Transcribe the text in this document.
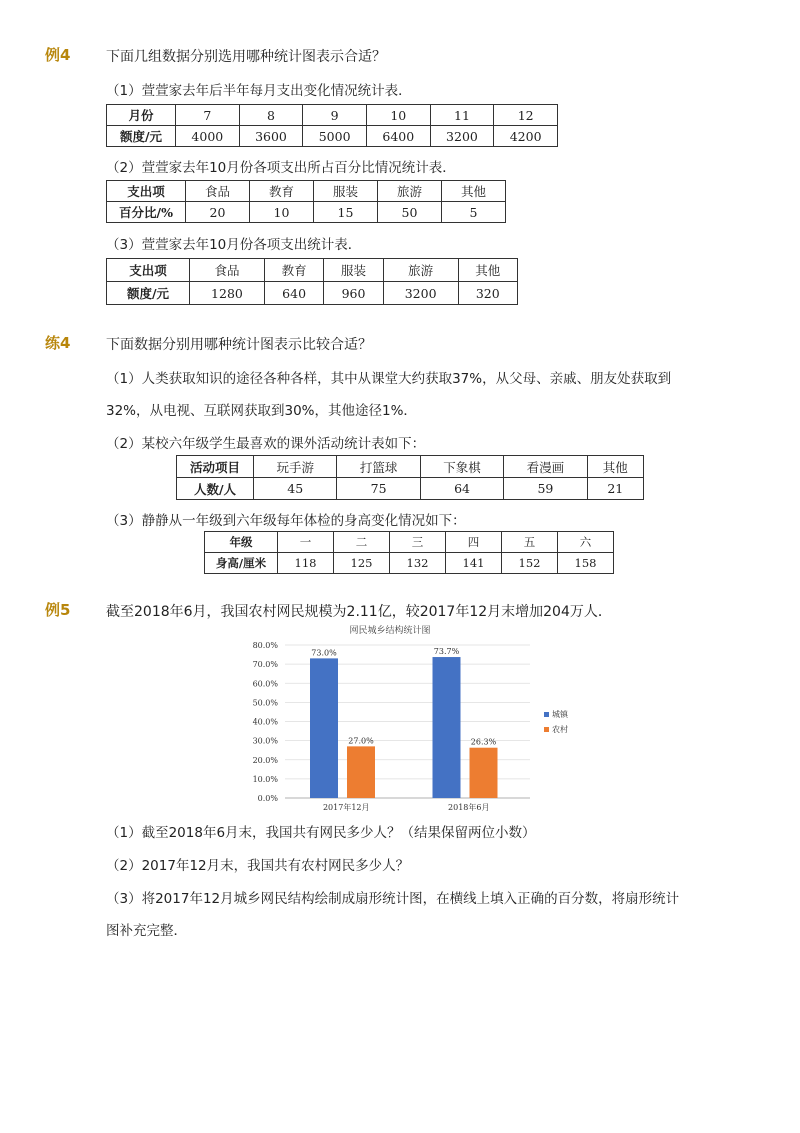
例4	下面几组数据分别选用哪种统计图表示合适？
（1）萱萱家去年后半年每月支出变化情况统计表．
月份	7	8	9	10	11	12
额度/元	4000	3600	5000	6400	3200	4200
（2）萱萱家去年10月份各项支出所占百分比情况统计表．
支出项	食品	教育	服装	旅游	其他
百分比/%	20	10	15	50	5
（3）萱萱家去年10月份各项支出统计表．
支出项	食品	教育	服装	旅游	其他
额度/元	1280	640	960	3200	320
练4	下面数据分别用哪种统计图表示比较合适？
（1）人类获取知识的途径各种各样，其中从课堂大约获取37%，从父母、亲戚、朋友处获取到
32%，从电视、互联网获取到30%，其他途径1%．
（2）某校六年级学生最喜欢的课外活动统计表如下：
活动项目	玩手游	打篮球	下象棋	看漫画	其他
人数/人	45	75	64	59	21
（3）静静从一年级到六年级每年体检的身高变化情况如下：
年级	一	二	三	四	五	六
身高/厘米	118	125	132	141	152	158
例5	截至2018年6月，我国农村网民规模为2.11亿，较2017年12月末增加204万人．
网民城乡结构统计图
0.0%
10.0%
20.0%
30.0%
40.0%
50.0%
60.0%
70.0%
80.0%
73.0%
27.0%
73.7%
26.3%
2017年12月	2018年6月
城镇
农村
（1）截至2018年6月末，我国共有网民多少人？（结果保留两位小数）
（2）2017年12月末，我国共有农村网民多少人？
（3）将2017年12月城乡网民结构绘制成扇形统计图，在横线上填入正确的百分数，将扇形统计
图补充完整．
